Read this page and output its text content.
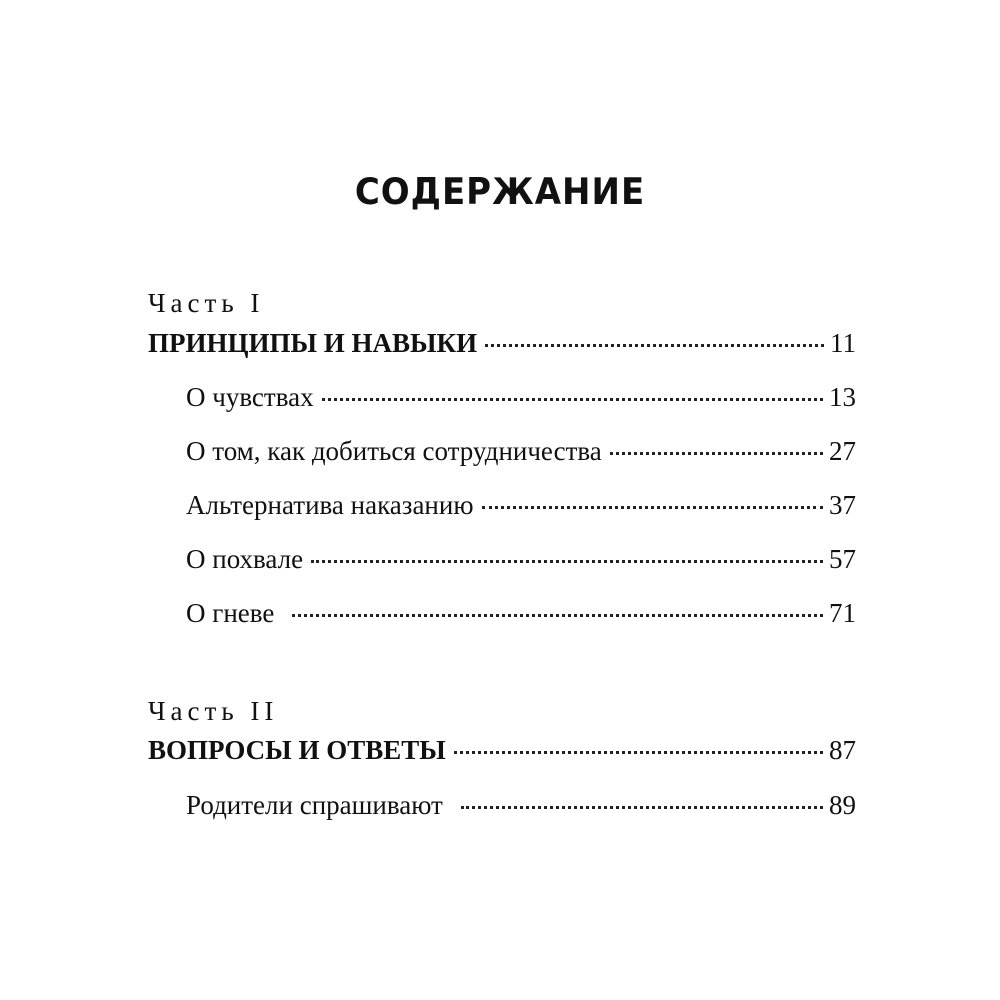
СОДЕРЖАНИЕ
Часть I
ПРИНЦИПЫ И НАВЫКИ	11
О чувствах	13
О том, как добиться сотрудничества	27
Альтернатива наказанию	37
О похвале	57
О гневе	71
Часть II
ВОПРОСЫ И ОТВЕТЫ	87
Родители спрашивают	89
